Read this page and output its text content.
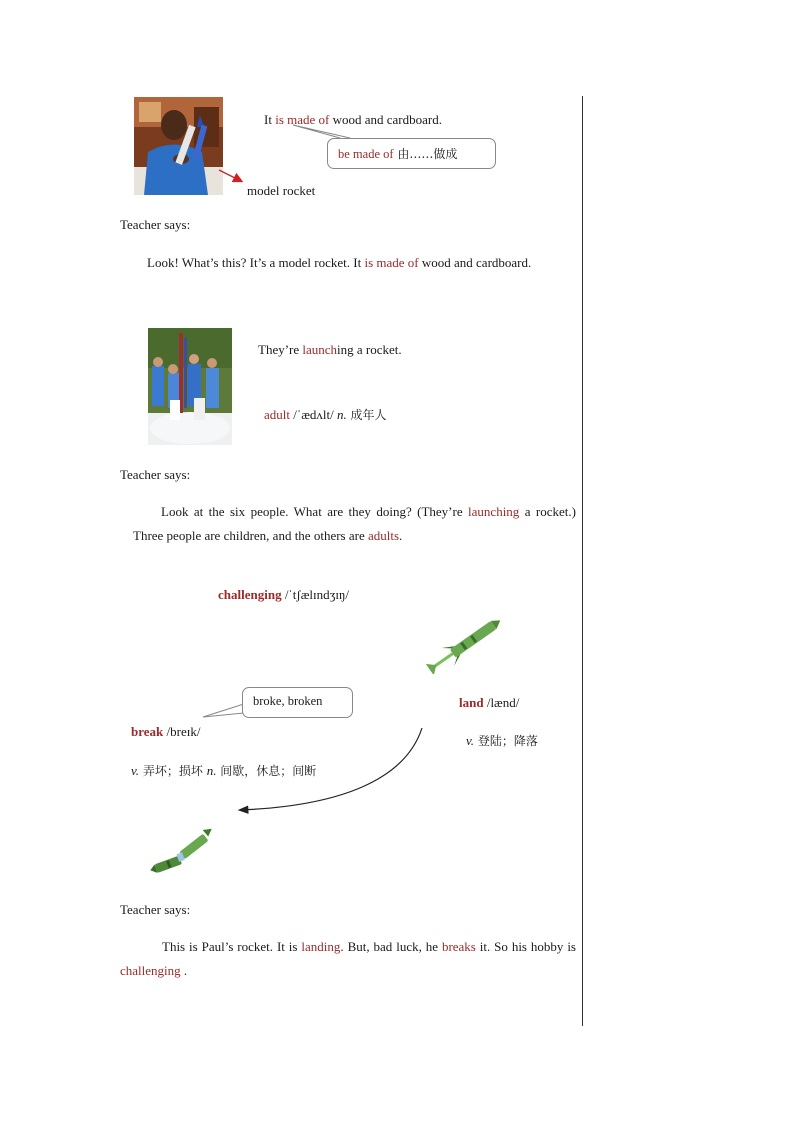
It is made of wood and cardboard.
be made of 由……做成
model rocket
Teacher says:
Look! What’s this? It’s a model rocket. It is made of wood and cardboard.
They’re launching a rocket.
adult /ˈædʌlt/ n. 成年人
Teacher says:
Look at the six people. What are they doing? (They’re launching a rocket.) Three people are children, and the others are adults.
challenging /ˈtʃælɪndʒɪŋ/
broke, broken
break /breɪk/
v. 弄坏；损坏 n. 间歇，休息；间断
land /lænd/
v. 登陆；降落
Teacher says:
This is Paul’s rocket. It is landing. But, bad luck, he breaks it. So his hobby is challenging .
